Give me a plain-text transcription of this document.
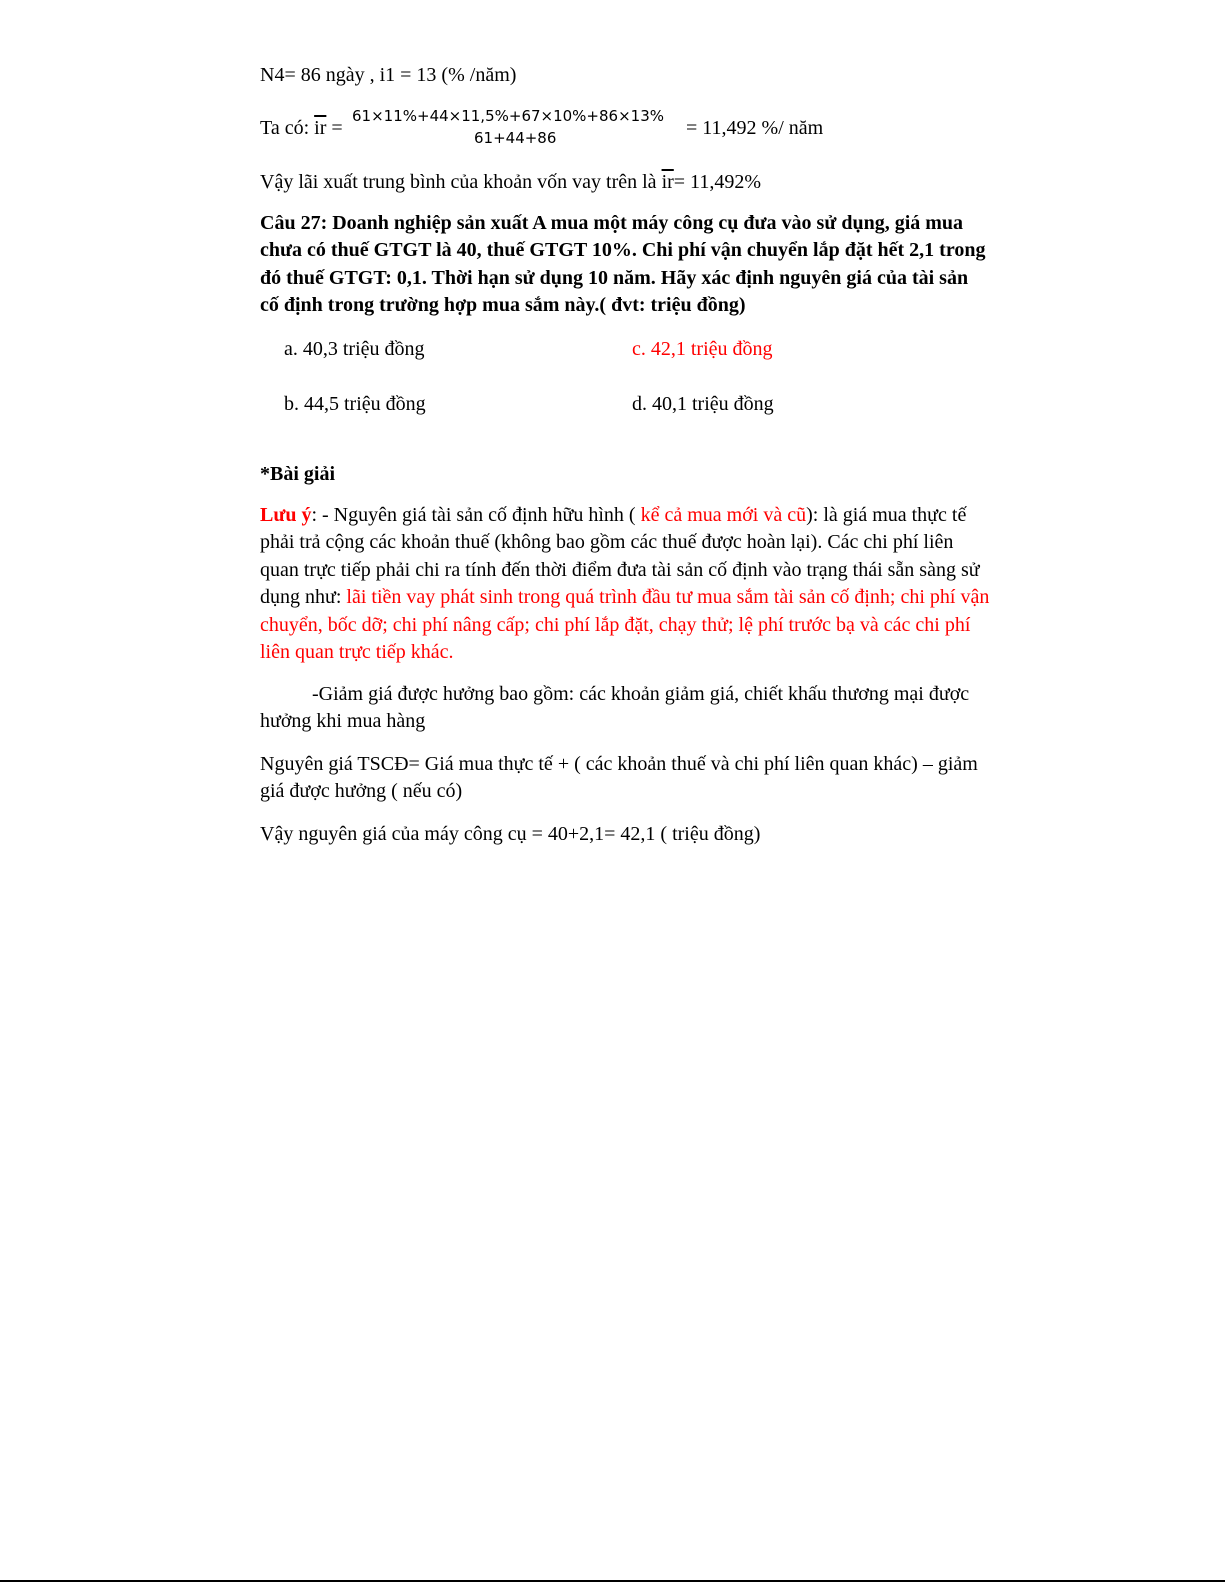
N4= 86 ngày , i1 = 13 (% /năm)
Ta có: $\overline{ir}$ =
61×11%+44×11,5%+67×10%+86×13%
61+44+86	= 11,492 %/ năm
Vậy lãi xuất trung bình của khoản vốn vay trên là $\overline{ir}= 11,492\%$
Câu 27: Doanh nghiệp sản xuất A mua một máy công cụ đưa vào sử dụng, giá mua chưa có thuế GTGT là 40, thuế GTGT 10%. Chi phí vận chuyển lắp đặt hết 2,1 trong đó thuế GTGT: 0,1. Thời hạn sử dụng 10 năm. Hãy xác định nguyên giá của tài sản cố định trong trường hợp mua sắm này.( đvt: triệu đồng)
a. 40,3 triệu đồng	c. 42,1 triệu đồng
b. 44,5 triệu đồng	d. 40,1 triệu đồng
*Bài giải
Lưu ý: - Nguyên giá tài sản cố định hữu hình ( kể cả mua mới và cũ): là giá mua thực tế phải trả cộng các khoản thuế (không bao gồm các thuế được hoàn lại). Các chi phí liên quan trực tiếp phải chi ra tính đến thời điểm đưa tài sản cố định vào trạng thái sẵn sàng sử dụng như: lãi tiền vay phát sinh trong quá trình đầu tư mua sắm tài sản cố định; chi phí vận chuyển, bốc dỡ; chi phí nâng cấp; chi phí lắp đặt, chạy thử; lệ phí trước bạ và các chi phí liên quan trực tiếp khác.
-Giảm giá được hưởng bao gồm: các khoản giảm giá, chiết khấu thương mại được hưởng khi mua hàng
Nguyên giá TSCĐ= Giá mua thực tế + ( các khoản thuế và chi phí liên quan khác) – giảm giá được hưởng ( nếu có)
Vậy nguyên giá của máy công cụ = 40+2,1= 42,1 ( triệu đồng)
